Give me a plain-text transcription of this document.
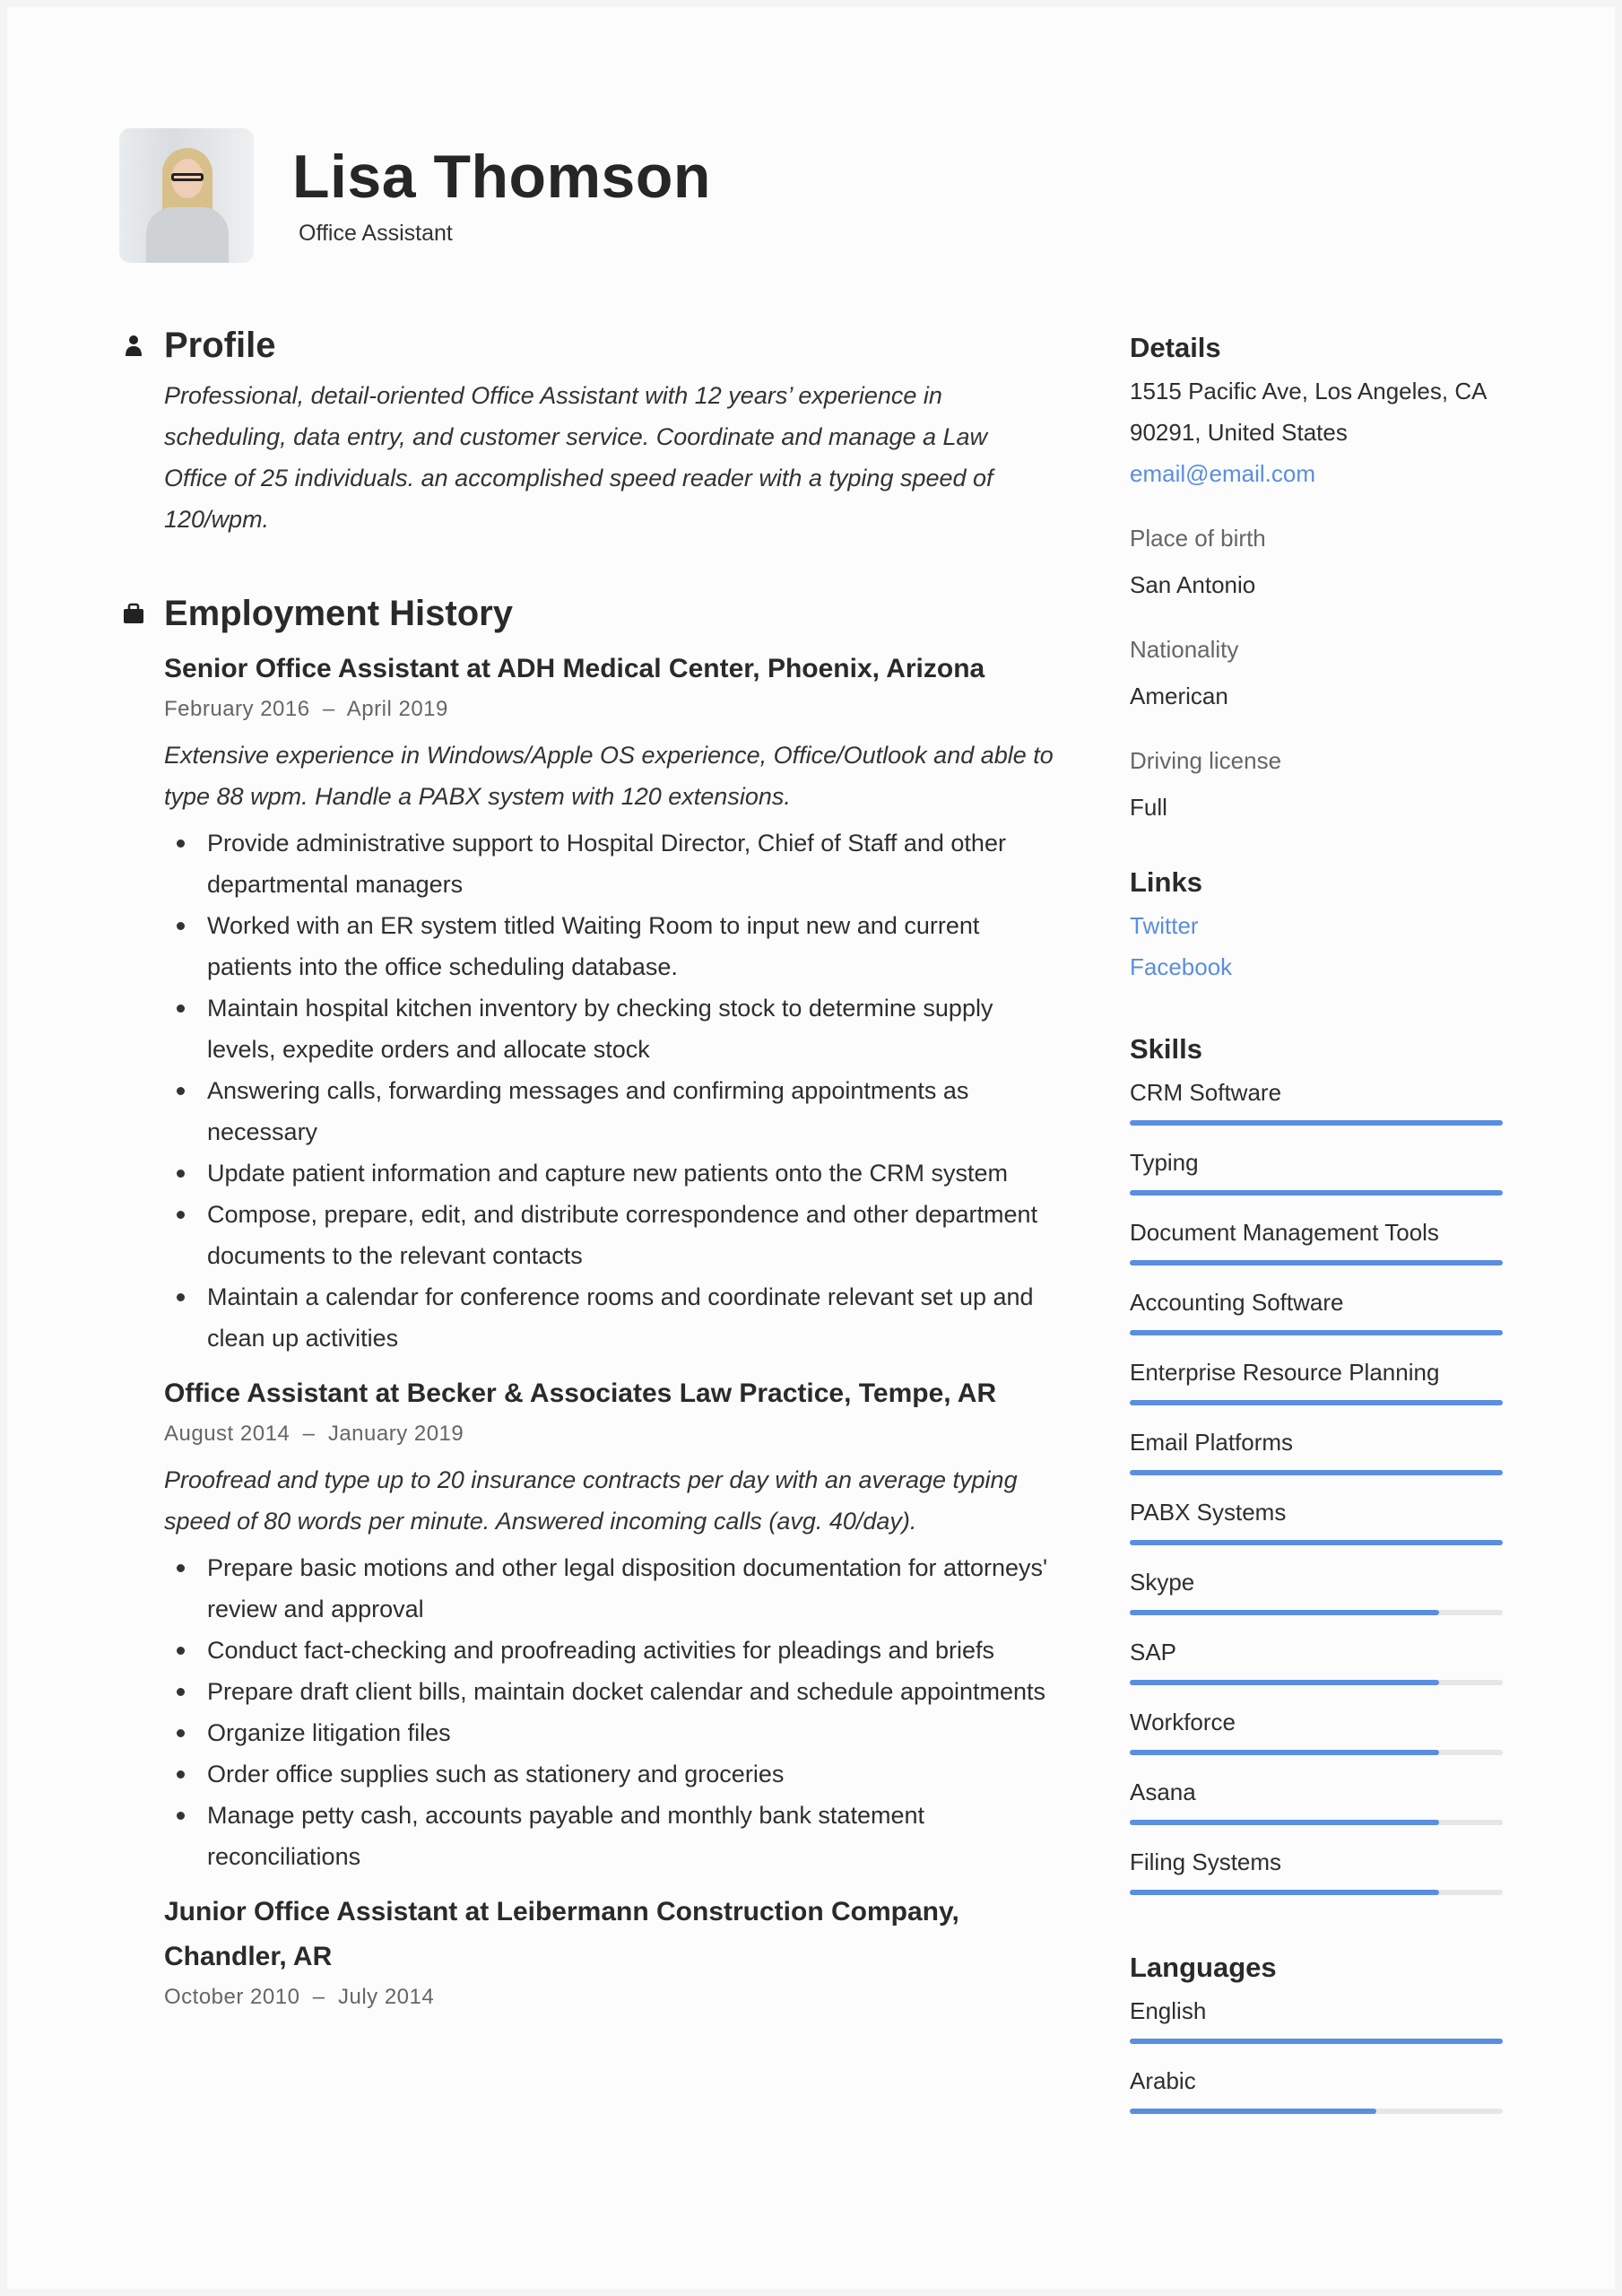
Lisa Thomson
Office Assistant
Profile
Professional, detail-oriented Office Assistant with 12 years’ experience in scheduling, data entry, and customer service. Coordinate and manage a Law Office of 25 individuals. an accomplished speed reader with a typing speed of 120/wpm.
Employment History
Senior Office Assistant at ADH Medical Center, Phoenix, Arizona
February 2016  –  April 2019
Extensive experience in Windows/Apple OS experience, Office/Outlook and able to type 88 wpm. Handle a PABX system with 120 extensions.
Provide administrative support to Hospital Director, Chief of Staff and other departmental managers
Worked with an ER system titled Waiting Room to input new and current patients into the office scheduling database.
Maintain hospital kitchen inventory by checking stock to determine supply levels, expedite orders and allocate stock
Answering calls, forwarding messages and confirming appointments as necessary
Update patient information and capture new patients onto the CRM system
Compose, prepare, edit, and distribute correspondence and other department documents to the relevant contacts
Maintain a calendar for conference rooms and coordinate relevant set up and clean up activities
Office Assistant at Becker & Associates Law Practice, Tempe, AR
August 2014  –  January 2019
Proofread and type up to 20 insurance contracts per day with an average typing speed of 80 words per minute. Answered incoming calls (avg. 40/day).
Prepare basic motions and other legal disposition documentation for attorneys' review and approval
Conduct fact-checking and proofreading activities for pleadings and briefs
Prepare draft client bills, maintain docket calendar and schedule appointments
Organize litigation files
Order office supplies such as stationery and groceries
Manage petty cash, accounts payable and monthly bank statement reconciliations
Junior Office Assistant at Leibermann Construction Company, Chandler, AR
October 2010  –  July 2014
Details
1515 Pacific Ave, Los Angeles, CA
90291, United States
email@email.com
Place of birth
San Antonio
Nationality
American
Driving license
Full
Links
Twitter
Facebook
Skills
CRM Software
Typing
Document Management Tools
Accounting Software
Enterprise Resource Planning
Email Platforms
PABX Systems
Skype
SAP
Workforce
Asana
Filing Systems
Languages
English
Arabic
